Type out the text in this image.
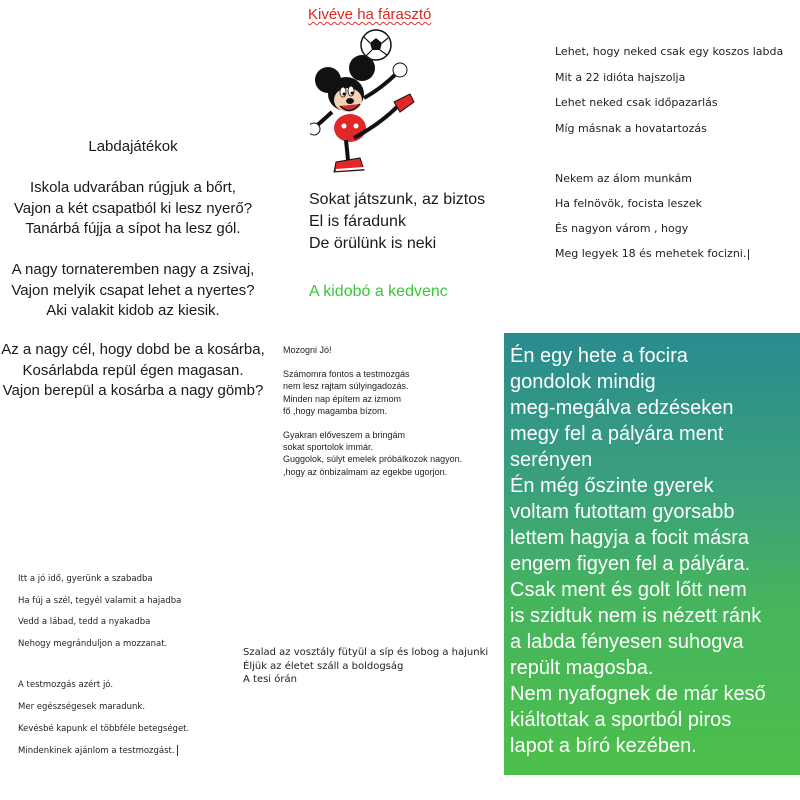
Kivéve ha fárasztó
Labdajátékok
Iskola udvarában rúgjuk a bőrt,
Vajon a két csapatból ki lesz nyerő?
Tanárbá fújja a sípot ha lesz gól.
A nagy tornateremben nagy a zsivaj,
Vajon melyik csapat lehet a nyertes?
Aki valakit kidob az kiesik.
Az a nagy cél, hogy dobd be a kosárba,
Kosárlabda repül égen magasan.
Vajon berepül a kosárba a nagy gömb?
Sokat játszunk, az biztos
El is fáradunk
De örülünk is neki
A kidobó a kedvenc
Lehet, hogy neked csak egy koszos labda
Mit a 22 idióta hajszolja
Lehet neked csak időpazarlás
Míg másnak a hovatartozás
Nekem az álom munkám
Ha felnövök, focista leszek
És nagyon várom , hogy
Meg legyek 18 és mehetek focizni.
Mozogni Jó!
Számomra fontos a testmozgás
nem lesz rajtam súlyingadozás.
Minden nap építem az izmom
fő ,hogy magamba bízom.
Gyakran előveszem a bringám
sokat sportolok immár.
Guggolok, súlyt emelek próbálkozok nagyon.
,hogy az önbizalmam az egekbe ugorjon.
Én egy hete a focira
gondolok mindig
meg-megálva edzéseken
megy fel a pályára ment
serényen
Én még őszinte gyerek
voltam futottam gyorsabb
lettem hagyja a focit másra
engem figyen fel a pályára.
Csak ment és golt lőtt nem
is szidtuk nem is nézett ránk
a labda fényesen suhogva
repült magosba.
Nem nyafognek de már keső
kiáltottak a sportból piros
lapot a bíró kezében.
Itt a jó idő, gyerünk a szabadba
Ha fúj a szél, tegyél valamit a hajadba
Vedd a lábad, tedd a nyakadba
Nehogy megránduljon a mozzanat.
A testmozgás azért jó.
Mer egészségesek maradunk.
Kevésbé kapunk el többféle betegséget.
Mindenkinek ajánlom a testmozgást.
Szalad az vosztály fütyül a síp és lobog a hajunki
Éljük az életet száll a boldogság
A tesi órán
